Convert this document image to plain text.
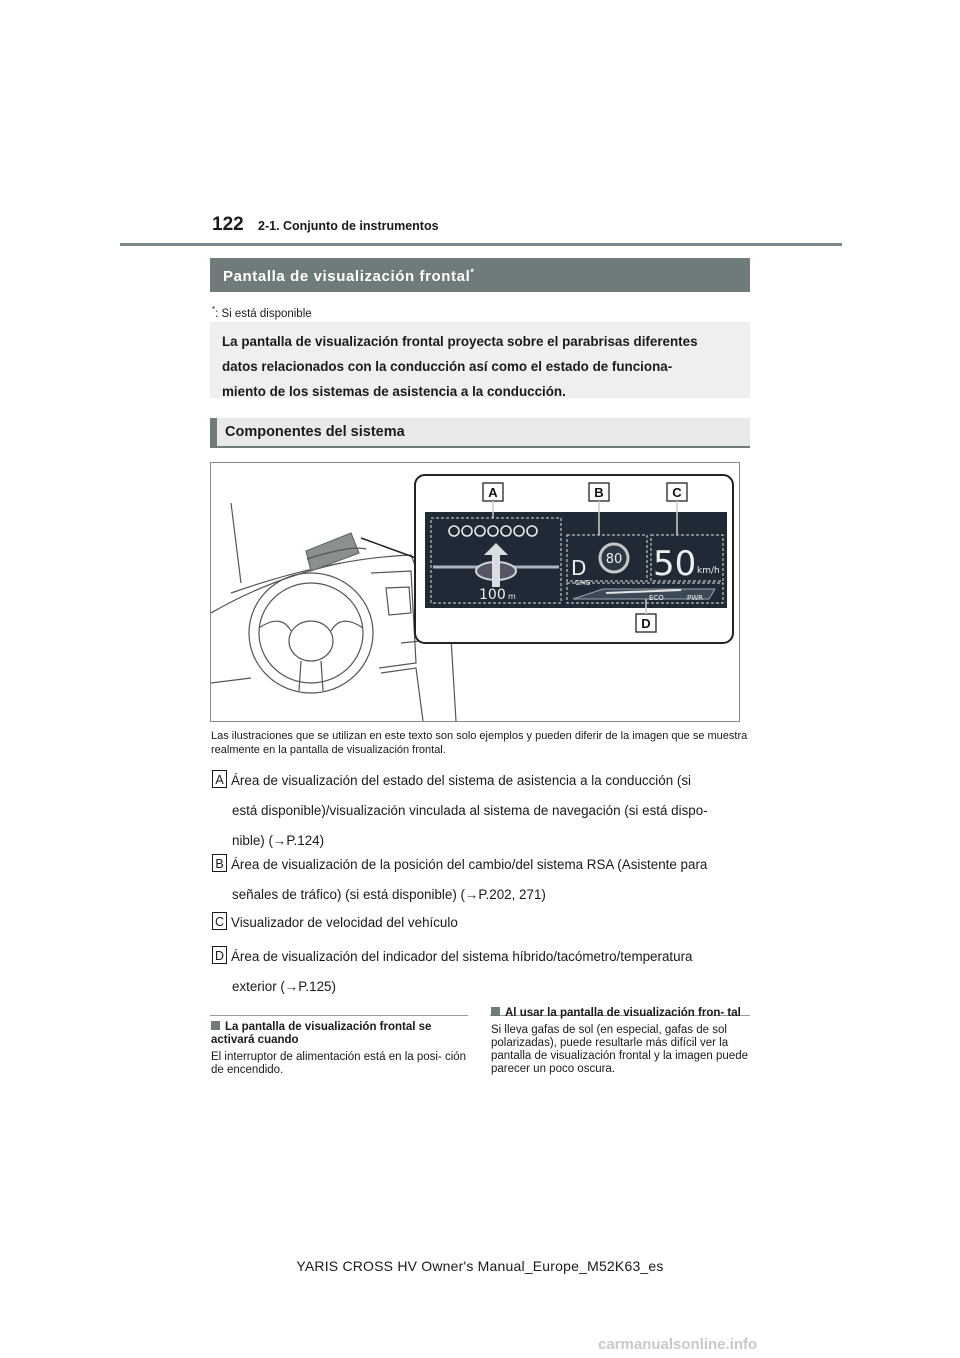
122 2-1. Conjunto de instrumentos
Pantalla de visualización frontal*
*: Si está disponible
La pantalla de visualización frontal proyecta sobre el parabrisas diferentes
datos relacionados con la conducción así como el estado de funciona-
miento de los sistemas de asistencia a la conducción.
Componentes del sistema
A	B	C
D
80
D 50 km/h
100 m
CHG
ECO	PWR
Las ilustraciones que se utilizan en este texto son solo ejemplos y pueden diferir de la imagen que se muestra realmente en la pantalla de visualización frontal.
A Área de visualización del estado del sistema de asistencia a la conducción (si
está disponible)/visualización vinculada al sistema de navegación (si está dispo-
nible) (→P.124)
B Área de visualización de la posición del cambio/del sistema RSA (Asistente para
señales de tráfico) (si está disponible) (→P.202, 271)
C Visualizador de velocidad del vehículo
D Área de visualización del indicador del sistema híbrido/tacómetro/temperatura
exterior (→P.125)
La pantalla de visualización frontal se activará cuando
El interruptor de alimentación está en la posi- ción de encendido.
Al usar la pantalla de visualización fron- tal
Si lleva gafas de sol (en especial, gafas de sol polarizadas), puede resultarle más difícil ver la pantalla de visualización frontal y la imagen puede parecer un poco oscura.
YARIS CROSS HV Owner's Manual_Europe_M52K63_es
carmanualsonline.info
